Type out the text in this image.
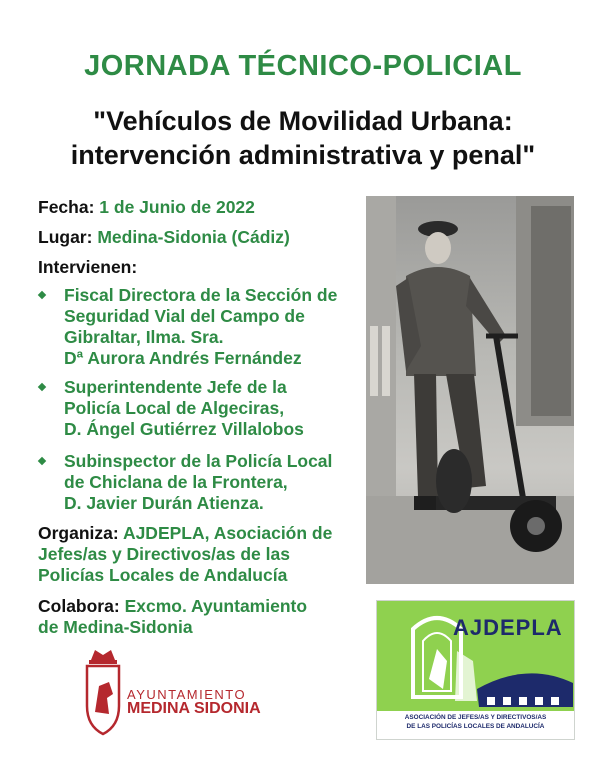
JORNADA TÉCNICO-POLICIAL
"Vehículos de Movilidad Urbana:
intervención administrativa y penal"
Fecha: 1 de Junio de 2022
Lugar: Medina-Sidonia (Cádiz)
Intervienen:
Fiscal Directora de la Sección de
Seguridad Vial del Campo de
Gibraltar, Ilma. Sra.
Dª Aurora Andrés Fernández
Superintendente Jefe de la
Policía Local de Algeciras,
D. Ángel Gutiérrez Villalobos
Subinspector de la Policía Local
de Chiclana de la Frontera,
D. Javier Durán Atienza.
Organiza: AJDEPLA, Asociación de
Jefes/as y Directivos/as de las
Policías Locales de Andalucía
Colabora: Excmo. Ayuntamiento
de Medina-Sidonia
AYUNTAMIENTO
MEDINA SIDONIA
AJDEPLA
ASOCIACIÓN DE JEFES/AS Y DIRECTIVOS/AS
DE LAS POLICÍAS LOCALES DE ANDALUCÍA
